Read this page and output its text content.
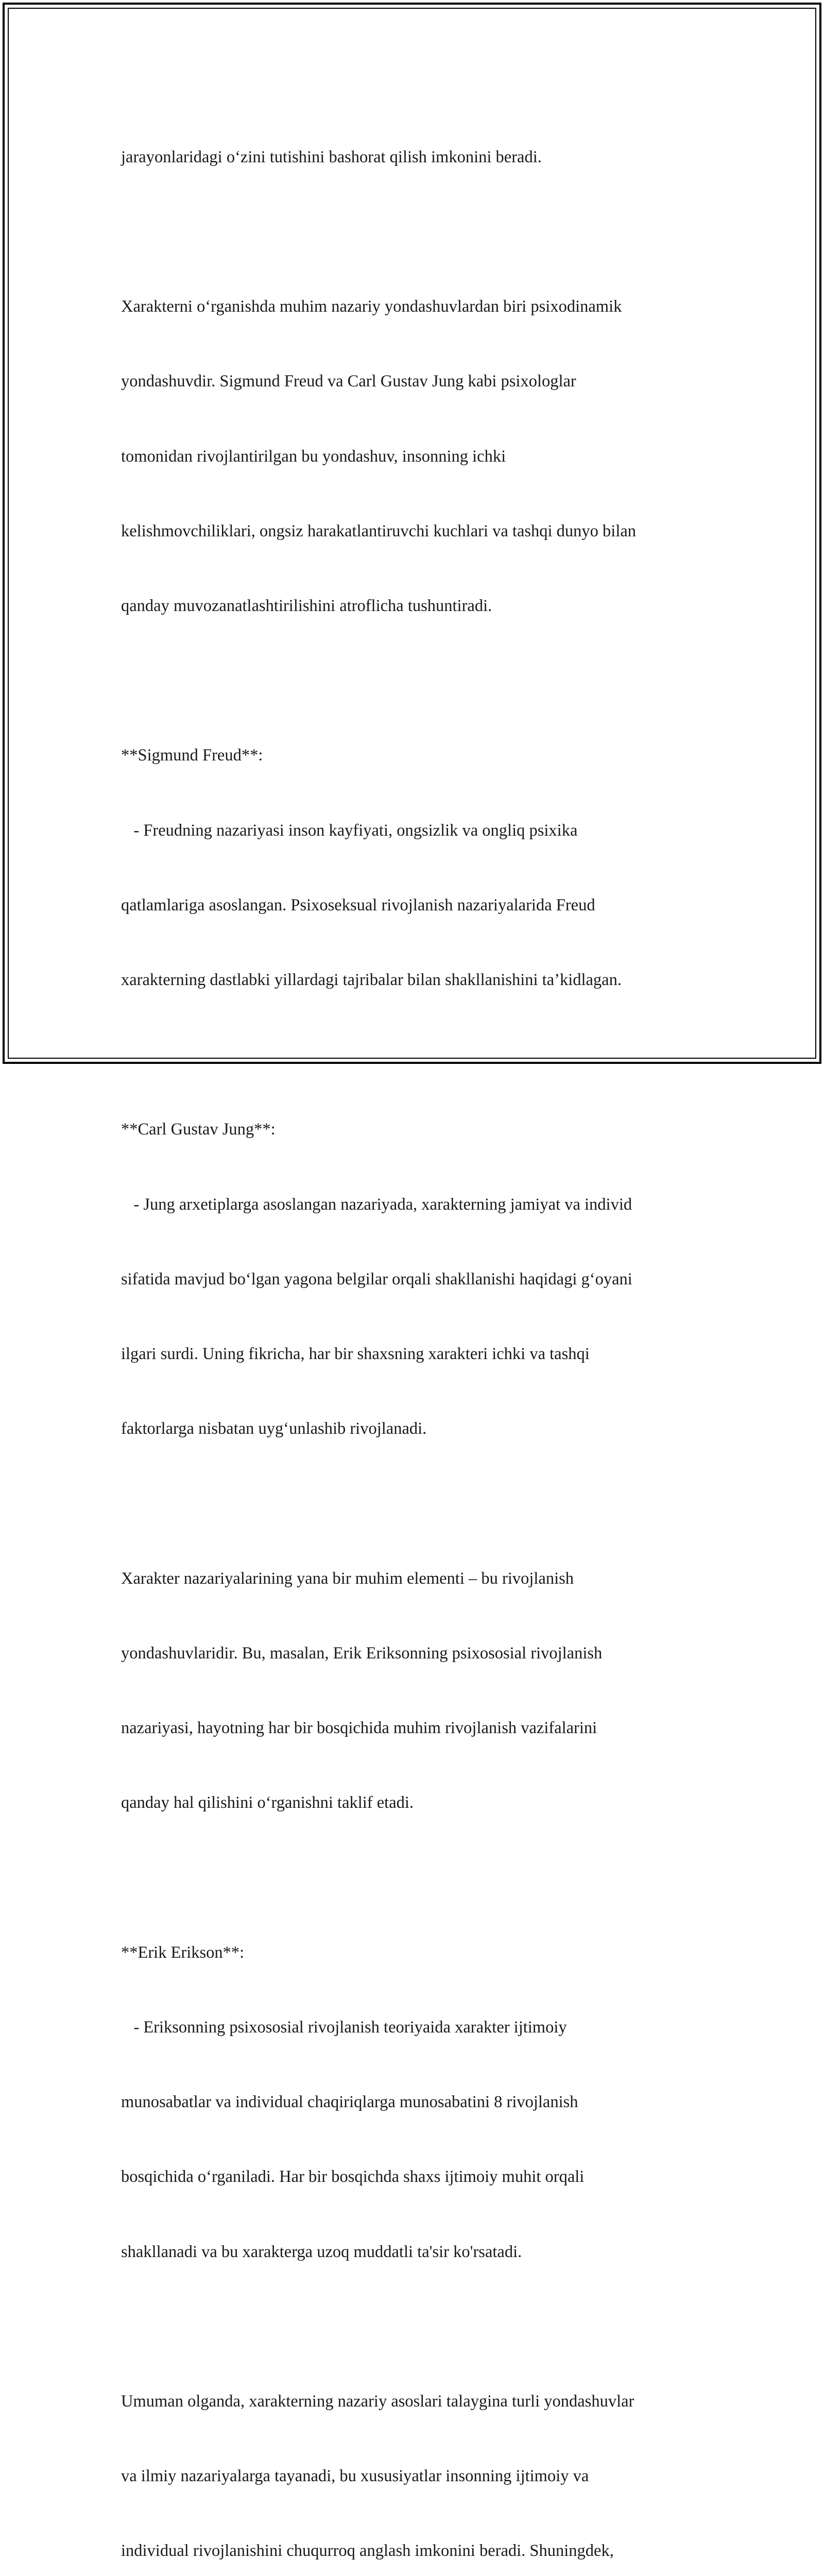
jarayonlaridagi o‘zini tutishini bashorat qilish imkonini beradi.

Xarakterni o‘rganishda muhim nazariy yondashuvlardan biri psixodinamik

yondashuvdir. Sigmund Freud va Carl Gustav Jung kabi psixologlar

tomonidan rivojlantirilgan bu yondashuv, insonning ichki

kelishmovchiliklari, ongsiz harakatlantiruvchi kuchlari va tashqi dunyo bilan

qanday muvozanatlashtirilishini atroflicha tushuntiradi.

**Sigmund Freud**:

- Freudning nazariyasi inson kayfiyati, ongsizlik va ongliq psixika

qatlamlariga asoslangan. Psixoseksual rivojlanish nazariyalarida Freud

xarakterning dastlabki yillardagi tajribalar bilan shakllanishini ta’kidlagan.

**Carl Gustav Jung**:

- Jung arxetiplarga asoslangan nazariyada, xarakterning jamiyat va individ

sifatida mavjud bo‘lgan yagona belgilar orqali shakllanishi haqidagi g‘oyani

ilgari surdi. Uning fikricha, har bir shaxsning xarakteri ichki va tashqi

faktorlarga nisbatan uyg‘unlashib rivojlanadi.

Xarakter nazariyalarining yana bir muhim elementi – bu rivojlanish

yondashuvlaridir. Bu, masalan, Erik Eriksonning psixososial rivojlanish

nazariyasi, hayotning har bir bosqichida muhim rivojlanish vazifalarini

qanday hal qilishini o‘rganishni taklif etadi.

**Erik Erikson**:

- Eriksonning psixososial rivojlanish teoriyaida xarakter ijtimoiy

munosabatlar va individual chaqiriqlarga munosabatini 8 rivojlanish

bosqichida o‘rganiladi. Har bir bosqichda shaxs ijtimoiy muhit orqali

shakllanadi va bu xarakterga uzoq muddatli ta'sir ko'rsatadi.

Umuman olganda, xarakterning nazariy asoslari talaygina turli yondashuvlar

va ilmiy nazariyalarga tayanadi, bu xususiyatlar insonning ijtimoiy va

individual rivojlanishini chuqurroq anglash imkonini beradi. Shuningdek,
